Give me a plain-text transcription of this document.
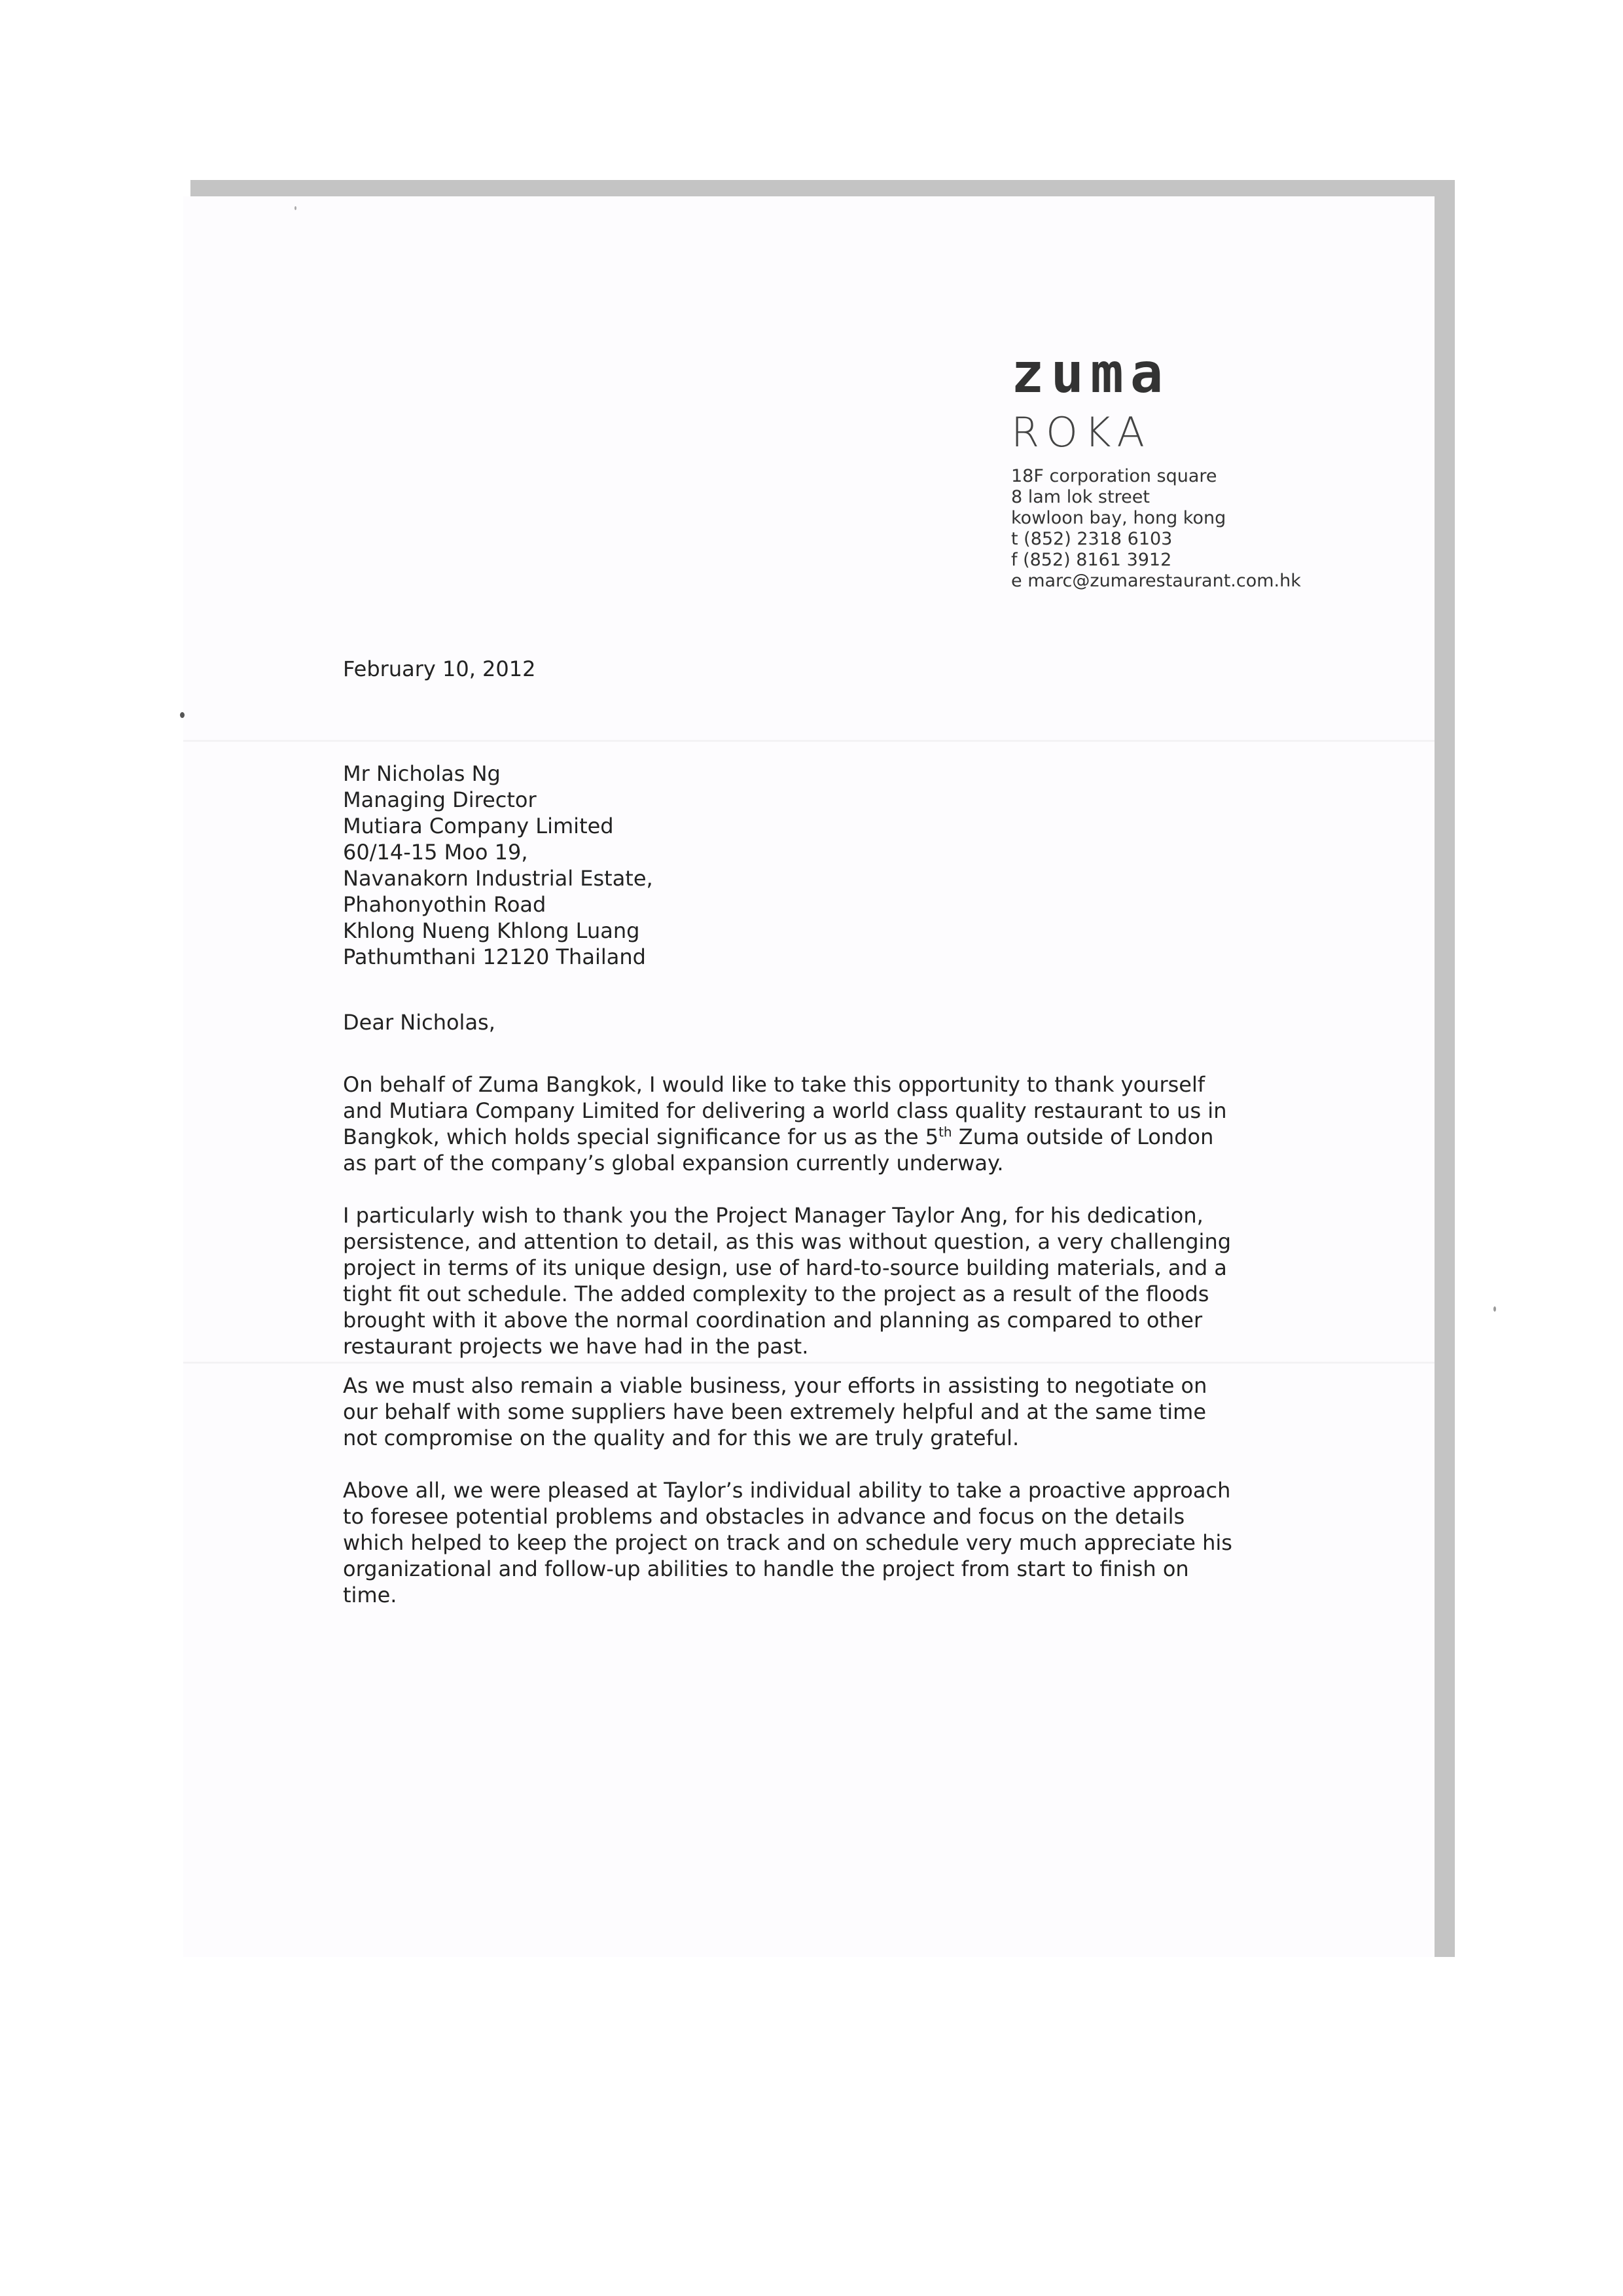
zuma
ROKA
18F corporation square
8 lam lok street
kowloon bay, hong kong
t (852) 2318 6103
f (852) 8161 3912
e marc@zumarestaurant.com.hk
February 10, 2012
Mr Nicholas Ng
Managing Director
Mutiara Company Limited
60/14-15 Moo 19,
Navanakorn Industrial Estate,
Phahonyothin Road
Khlong Nueng Khlong Luang
Pathumthani 12120 Thailand
Dear Nicholas,
On behalf of Zuma Bangkok, I would like to take this opportunity to thank yourself
and Mutiara Company Limited for delivering a world class quality restaurant to us in
Bangkok, which holds special significance for us as the 5th Zuma outside of London
as part of the company’s global expansion currently underway.
I particularly wish to thank you the Project Manager Taylor Ang, for his dedication,
persistence, and attention to detail, as this was without question, a very challenging
project in terms of its unique design, use of hard-to-source building materials, and a
tight fit out schedule. The added complexity to the project as a result of the floods
brought with it above the normal coordination and planning as compared to other
restaurant projects we have had in the past.
As we must also remain a viable business, your efforts in assisting to negotiate on
our behalf with some suppliers have been extremely helpful and at the same time
not compromise on the quality and for this we are truly grateful.
Above all, we were pleased at Taylor’s individual ability to take a proactive approach
to foresee potential problems and obstacles in advance and focus on the details
which helped to keep the project on track and on schedule very much appreciate his
organizational and follow-up abilities to handle the project from start to finish on
time.
